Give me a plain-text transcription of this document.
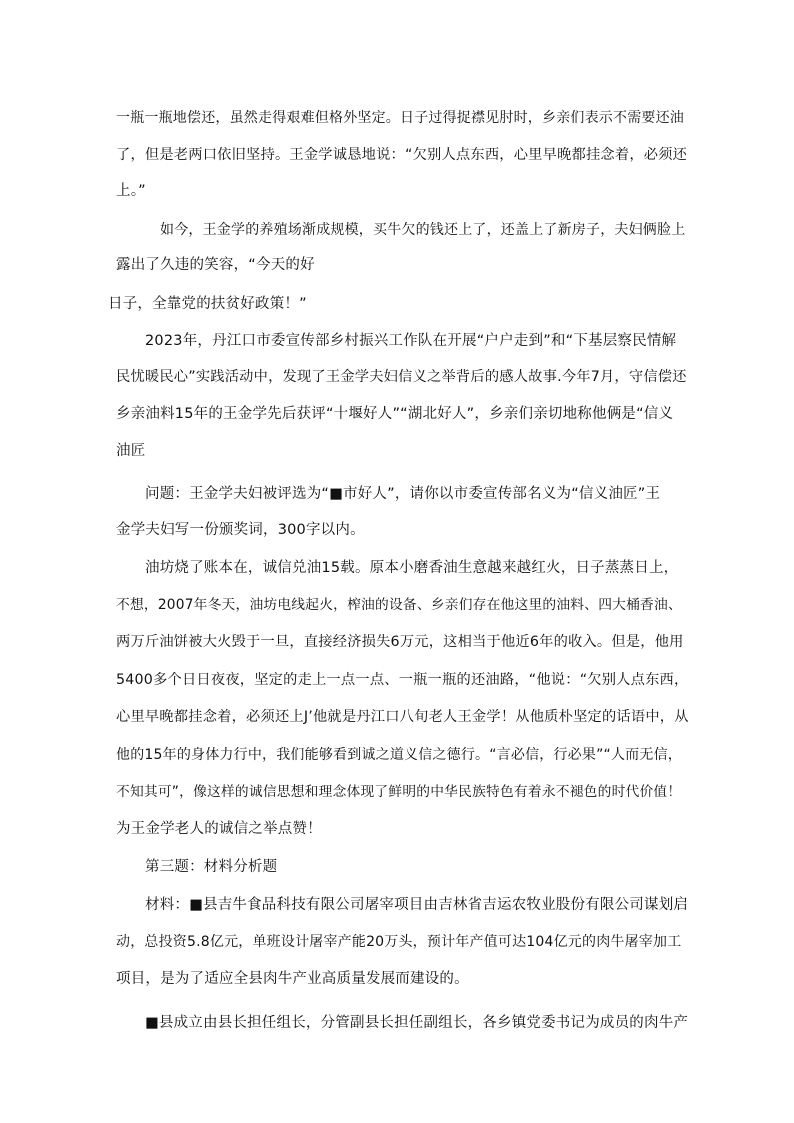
一瓶一瓶地偿还，虽然走得艰难但格外坚定。日子过得捉襟见肘时，乡亲们表示不需要还油
了，但是老两口依旧坚持。王金学诚恳地说：“欠别人点东西，心里早晚都挂念着，必须还
上。”
如今，王金学的养殖场渐成规模，买牛欠的钱还上了，还盖上了新房子，夫妇俩脸上
露出了久违的笑容，“今天的好
日子，全靠党的扶贫好政策！”
2023年，丹江口市委宣传部乡村振兴工作队在开展“户户走到”和“下基层察民情解
民忧暖民心”实践活动中，发现了王金学夫妇信义之举背后的感人故事.今年7月，守信偿还
乡亲油料15年的王金学先后获评“十堰好人”“湖北好人”，乡亲们亲切地称他俩是“信义
油匠
问题：王金学夫妇被评选为“■市好人”，请你以市委宣传部名义为“信义油匠”王
金学夫妇写一份颁奖词，300字以内。
油坊烧了账本在，诚信兑油15载。原本小磨香油生意越来越红火，日子蒸蒸日上，
不想，2007年冬天，油坊电线起火，榨油的设备、乡亲们存在他这里的油料、四大桶香油、
两万斤油饼被大火毁于一旦，直接经济损失6万元，这相当于他近6年的收入。但是，他用
5400多个日日夜夜，坚定的走上一点一点、一瓶一瓶的还油路，“他说：“欠别人点东西，
心里早晚都挂念着，必须还上J’他就是丹江口八旬老人王金学！从他质朴坚定的话语中，从
他的15年的身体力行中，我们能够看到诚之道义信之德行。“言必信，行必果”“人而无信，
不知其可”，像这样的诚信思想和理念体现了鲜明的中华民族特色有着永不褪色的时代价值！
为王金学老人的诚信之举点赞！
第三题：材料分析题
材料：■县吉牛食品科技有限公司屠宰项目由吉林省吉运农牧业股份有限公司谋划启
动，总投资5.8亿元，单班设计屠宰产能20万头，预计年产值可达104亿元的肉牛屠宰加工
项目，是为了适应全县肉牛产业高质量发展而建设的。
■县成立由县长担任组长，分管副县长担任副组长，各乡镇党委书记为成员的肉牛产
